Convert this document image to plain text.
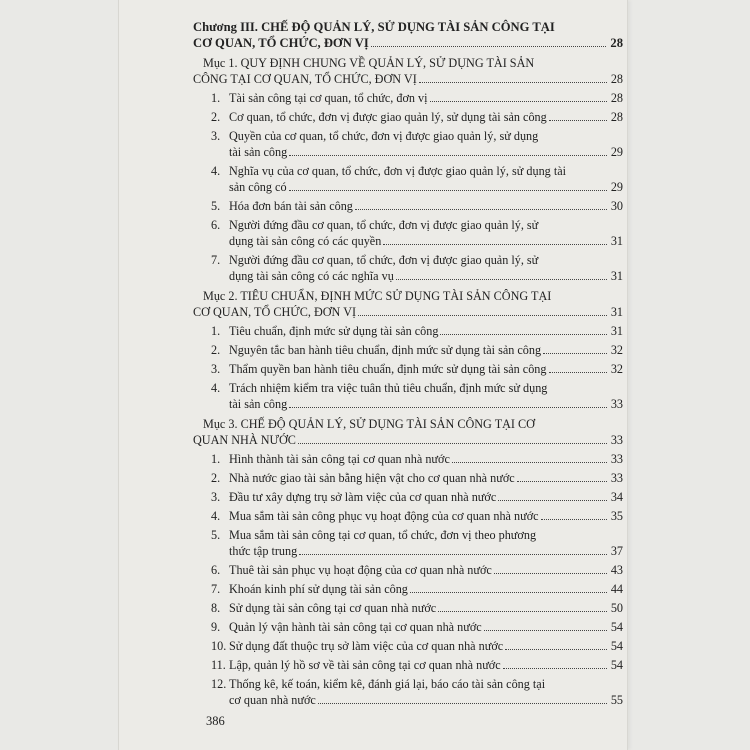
Chương III. CHẾ ĐỘ QUẢN LÝ, SỬ DỤNG TÀI SẢN CÔNG TẠI
CƠ QUAN, TỔ CHỨC, ĐƠN VỊ	28
Mục 1. QUY ĐỊNH CHUNG VỀ QUẢN LÝ, SỬ DỤNG TÀI SẢN
CÔNG TẠI CƠ QUAN, TỔ CHỨC, ĐƠN VỊ	28
1. Tài sản công tại cơ quan, tổ chức, đơn vị	28
2. Cơ quan, tổ chức, đơn vị được giao quản lý, sử dụng tài sản công	28
3. Quyền của cơ quan, tổ chức, đơn vị được giao quản lý, sử dụng
tài sản công	29
4. Nghĩa vụ của cơ quan, tổ chức, đơn vị được giao quản lý, sử dụng tài
sản công có	29
5. Hóa đơn bán tài sản công	30
6. Người đứng đầu cơ quan, tổ chức, đơn vị được giao quản lý, sử
dụng tài sản công có các quyền	31
7. Người đứng đầu cơ quan, tổ chức, đơn vị được giao quản lý, sử
dụng tài sản công có các nghĩa vụ	31
Mục 2. TIÊU CHUẨN, ĐỊNH MỨC SỬ DỤNG TÀI SẢN CÔNG TẠI
CƠ QUAN, TỔ CHỨC, ĐƠN VỊ	31
1. Tiêu chuẩn, định mức sử dụng tài sản công	31
2. Nguyên tắc ban hành tiêu chuẩn, định mức sử dụng tài sản công	32
3. Thẩm quyền ban hành tiêu chuẩn, định mức sử dụng tài sản công	32
4. Trách nhiệm kiểm tra việc tuân thủ tiêu chuẩn, định mức sử dụng
tài sản công	33
Mục 3. CHẾ ĐỘ QUẢN LÝ, SỬ DỤNG TÀI SẢN CÔNG TẠI CƠ
QUAN NHÀ NƯỚC	33
1. Hình thành tài sản công tại cơ quan nhà nước	33
2. Nhà nước giao tài sản bằng hiện vật cho cơ quan nhà nước	33
3. Đầu tư xây dựng trụ sở làm việc của cơ quan nhà nước	34
4. Mua sắm tài sản công phục vụ hoạt động của cơ quan nhà nước	35
5. Mua sắm tài sản công tại cơ quan, tổ chức, đơn vị theo phương
thức tập trung	37
6. Thuê tài sản phục vụ hoạt động của cơ quan nhà nước	43
7. Khoán kinh phí sử dụng tài sản công	44
8. Sử dụng tài sản công tại cơ quan nhà nước	50
9. Quản lý vận hành tài sản công tại cơ quan nhà nước	54
10. Sử dụng đất thuộc trụ sở làm việc của cơ quan nhà nước	54
11. Lập, quản lý hồ sơ về tài sản công tại cơ quan nhà nước	54
12. Thống kê, kế toán, kiểm kê, đánh giá lại, báo cáo tài sản công tại
cơ quan nhà nước	55
386
